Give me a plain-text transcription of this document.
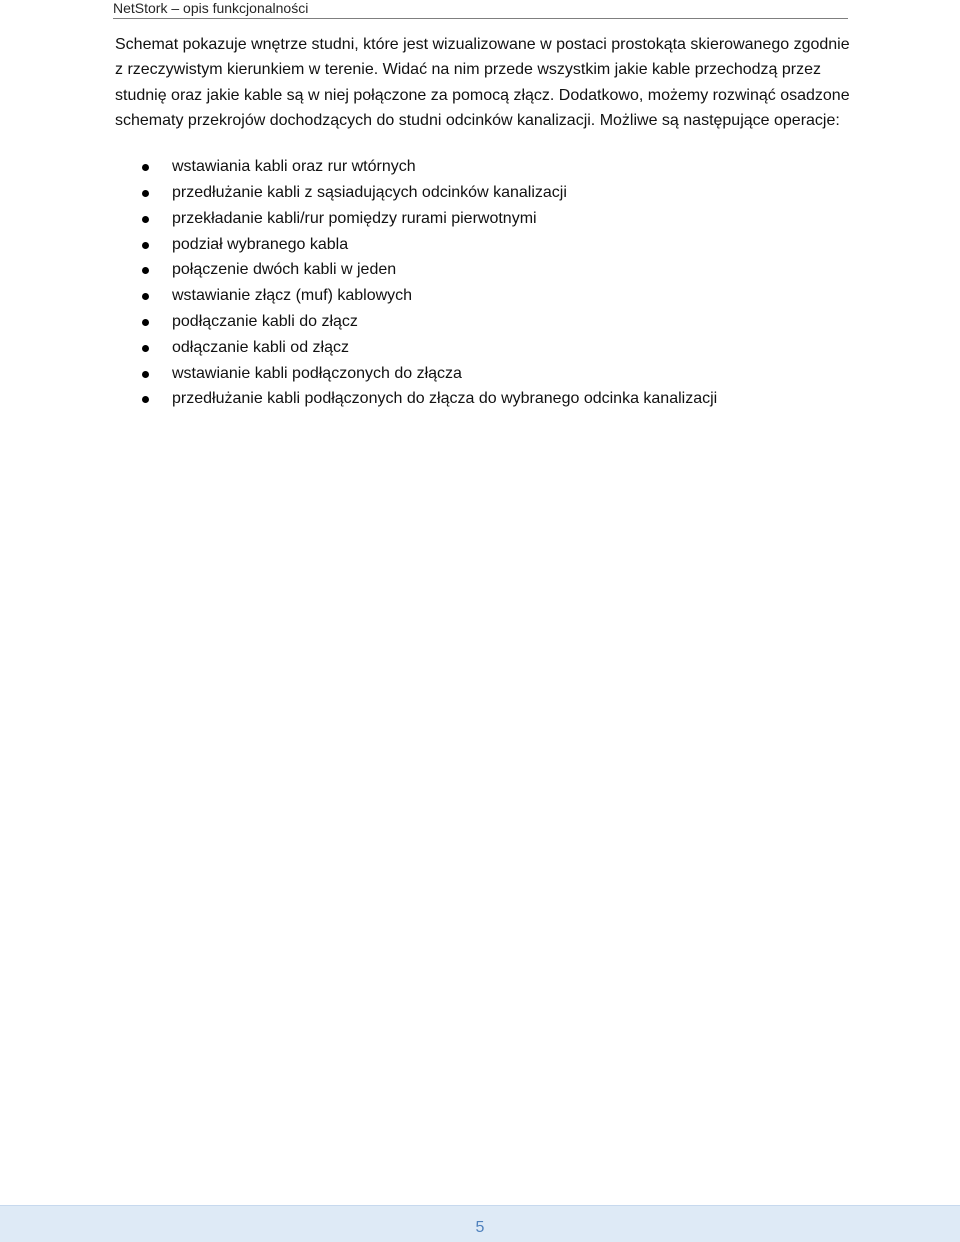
NetStork – opis funkcjonalności

Schemat pokazuje wnętrze studni, które jest wizualizowane w postaci prostokąta skierowanego zgodnie z rzeczywistym kierunkiem w terenie. Widać na nim przede wszystkim jakie kable przechodzą przez studnię oraz jakie kable są w niej połączone za pomocą złącz. Dodatkowo, możemy rozwinąć osadzone schematy przekrojów dochodzących do studni odcinków kanalizacji. Możliwe są następujące operacje:

wstawiania kabli oraz rur wtórnych
przedłużanie kabli z sąsiadujących odcinków kanalizacji
przekładanie kabli/rur pomiędzy rurami pierwotnymi
podział wybranego kabla
połączenie dwóch kabli w jeden
wstawianie złącz (muf) kablowych
podłączanie kabli do złącz
odłączanie kabli od złącz
wstawianie kabli podłączonych do złącza
przedłużanie kabli podłączonych do złącza do wybranego odcinka kanalizacji
5
